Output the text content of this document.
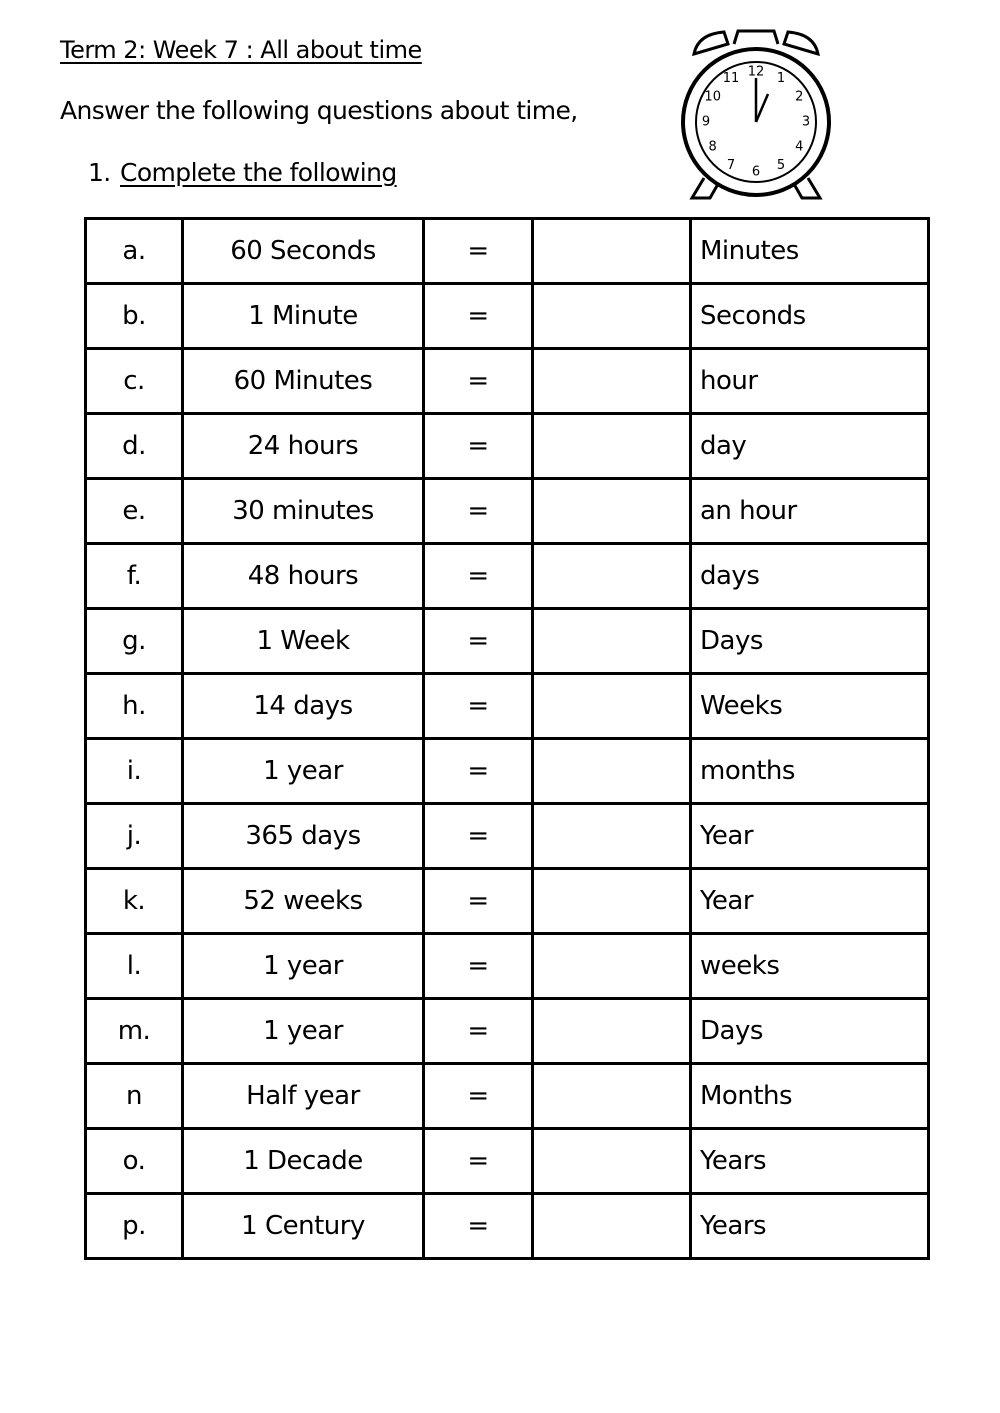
Term 2: Week 7 : All about time
Answer the following questions about time,
1. Complete the following
12 1
2
3
4
5
6
7
8
9
10
11
a.	60 Seconds	=		Minutes
b.	1 Minute	=		Seconds
c.	60 Minutes	=		hour
d.	24 hours	=		day
e.	30 minutes	=		an hour
f.	48 hours	=		days
g.	1 Week	=		Days
h.	14 days	=		Weeks
i.	1 year	=		months
j.	365 days	=		Year
k.	52 weeks	=		Year
l.	1 year	=		weeks
m.	1 year	=		Days
n	Half year	=		Months
o.	1 Decade	=		Years
p.	1 Century	=		Years
